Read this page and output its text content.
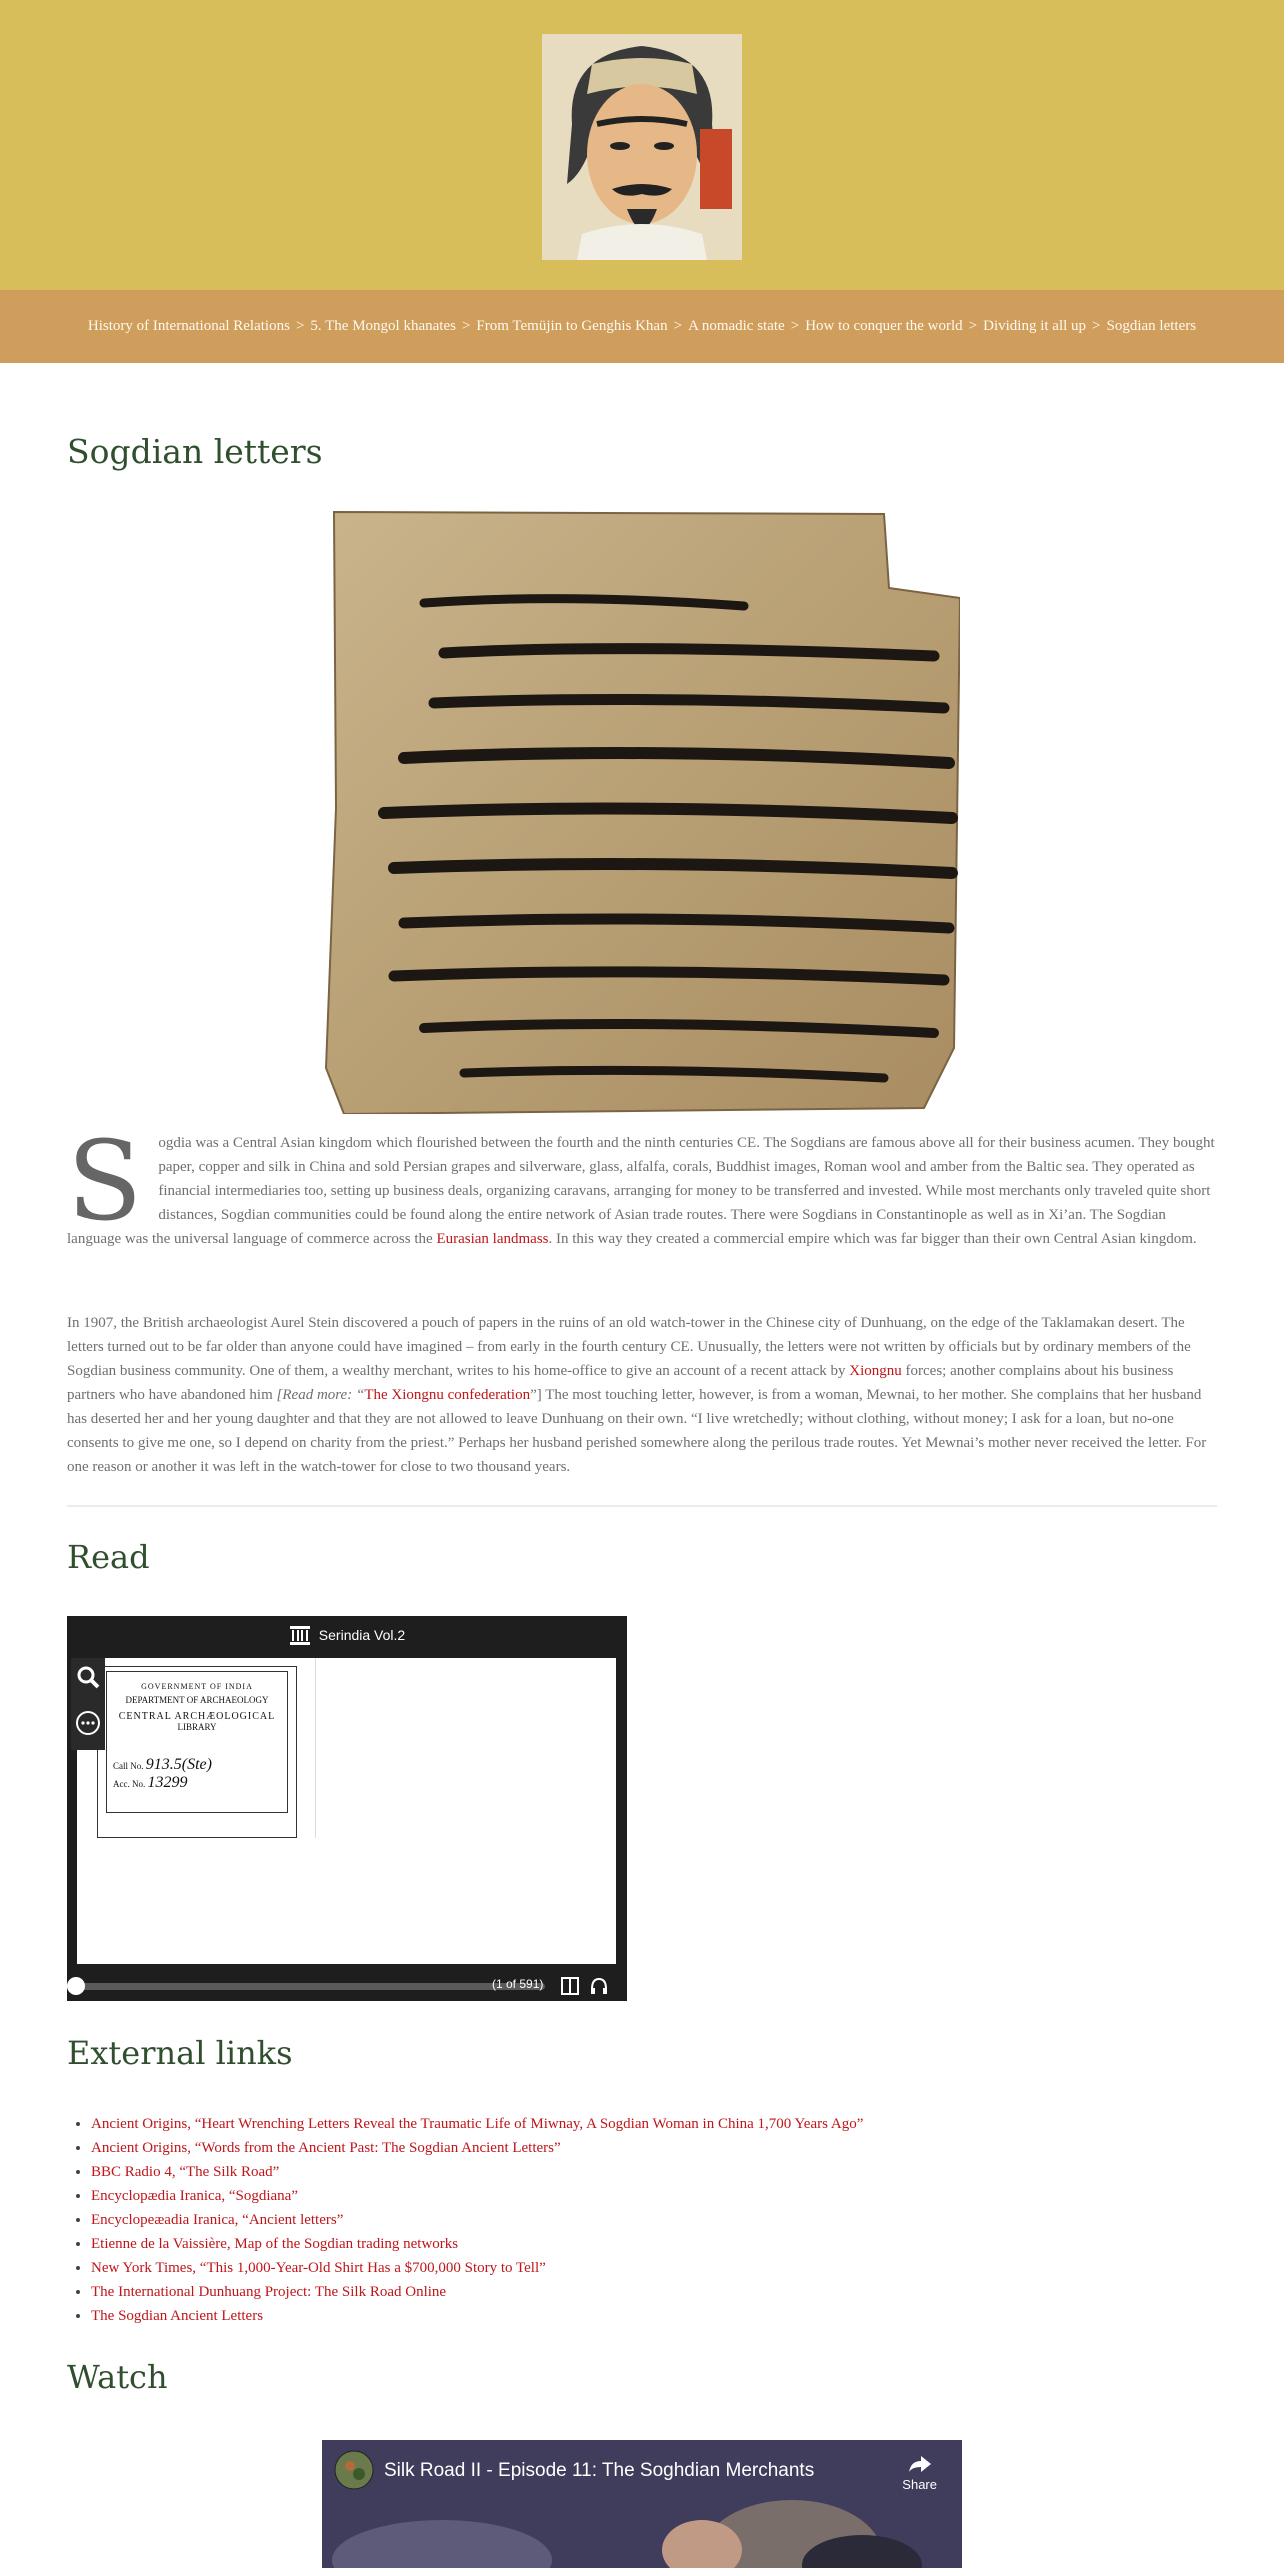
History of International Relations > 5. The Mongol khanates > From Temüjin to Genghis Khan > A nomadic state > How to conquer the world > Dividing it all up > Sogdian letters
Sogdian letters

S ogdia was a Central Asian kingdom which flourished between the fourth and the ninth centuries CE. The Sogdians are famous above all for their business acumen. They bought paper, copper and silk in China and sold Persian grapes and silverware, glass, alfalfa, corals, Buddhist images, Roman wool and amber from the Baltic sea. They operated as financial intermediaries too, setting up business deals, organizing caravans, arranging for money to be transferred and invested. While most merchants only traveled quite short distances, Sogdian communities could be found along the entire network of Asian trade routes. There were Sogdians in Constantinople as well as in Xi’an. The Sogdian language was the universal language of commerce across the Eurasian landmass. In this way they created a commercial empire which was far bigger than their own Central Asian kingdom.

In 1907, the British archaeologist Aurel Stein discovered a pouch of papers in the ruins of an old watch-tower in the Chinese city of Dunhuang, on the edge of the Taklamakan desert. The letters turned out to be far older than anyone could have imagined – from early in the fourth century CE. Unusually, the letters were not written by officials but by ordinary members of the Sogdian business community. One of them, a wealthy merchant, writes to his home-office to give an account of a recent attack by Xiongnu forces; another complains about his business partners who have abandoned him [Read more: “The Xiongnu confederation”] The most touching letter, however, is from a woman, Mewnai, to her mother. She complains that her husband has deserted her and her young daughter and that they are not allowed to leave Dunhuang on their own. “I live wretchedly; without clothing, without money; I ask for a loan, but no-one consents to give me one, so I depend on charity from the priest.” Perhaps her husband perished somewhere along the perilous trade routes. Yet Mewnai’s mother never received the letter. For one reason or another it was left in the watch-tower for close to two thousand years.

Read
Serindia Vol.2
GOVERNMENT OF INDIA
DEPARTMENT OF ARCHAEOLOGY
CENTRAL ARCHÆOLOGICAL
LIBRARY
Call No. 913.5(Ste)
Acc. No. 13299

(1 of 591)
External links
• Ancient Origins, “Heart Wrenching Letters Reveal the Traumatic Life of Miwnay, A Sogdian Woman in China 1,700 Years Ago”
• Ancient Origins, “Words from the Ancient Past: The Sogdian Ancient Letters”
• BBC Radio 4, “The Silk Road”
• Encyclopædia Iranica, “Sogdiana”
• Encyclopeæadia Iranica, “Ancient letters”
• Etienne de la Vaissière, Map of the Sogdian trading networks
• New York Times, “This 1,000-Year-Old Shirt Has a $700,000 Story to Tell”
• The International Dunhuang Project: The Silk Road Online
• The Sogdian Ancient Letters
Watch
Silk Road II - Episode 11: The Soghdian Merchants
Share
